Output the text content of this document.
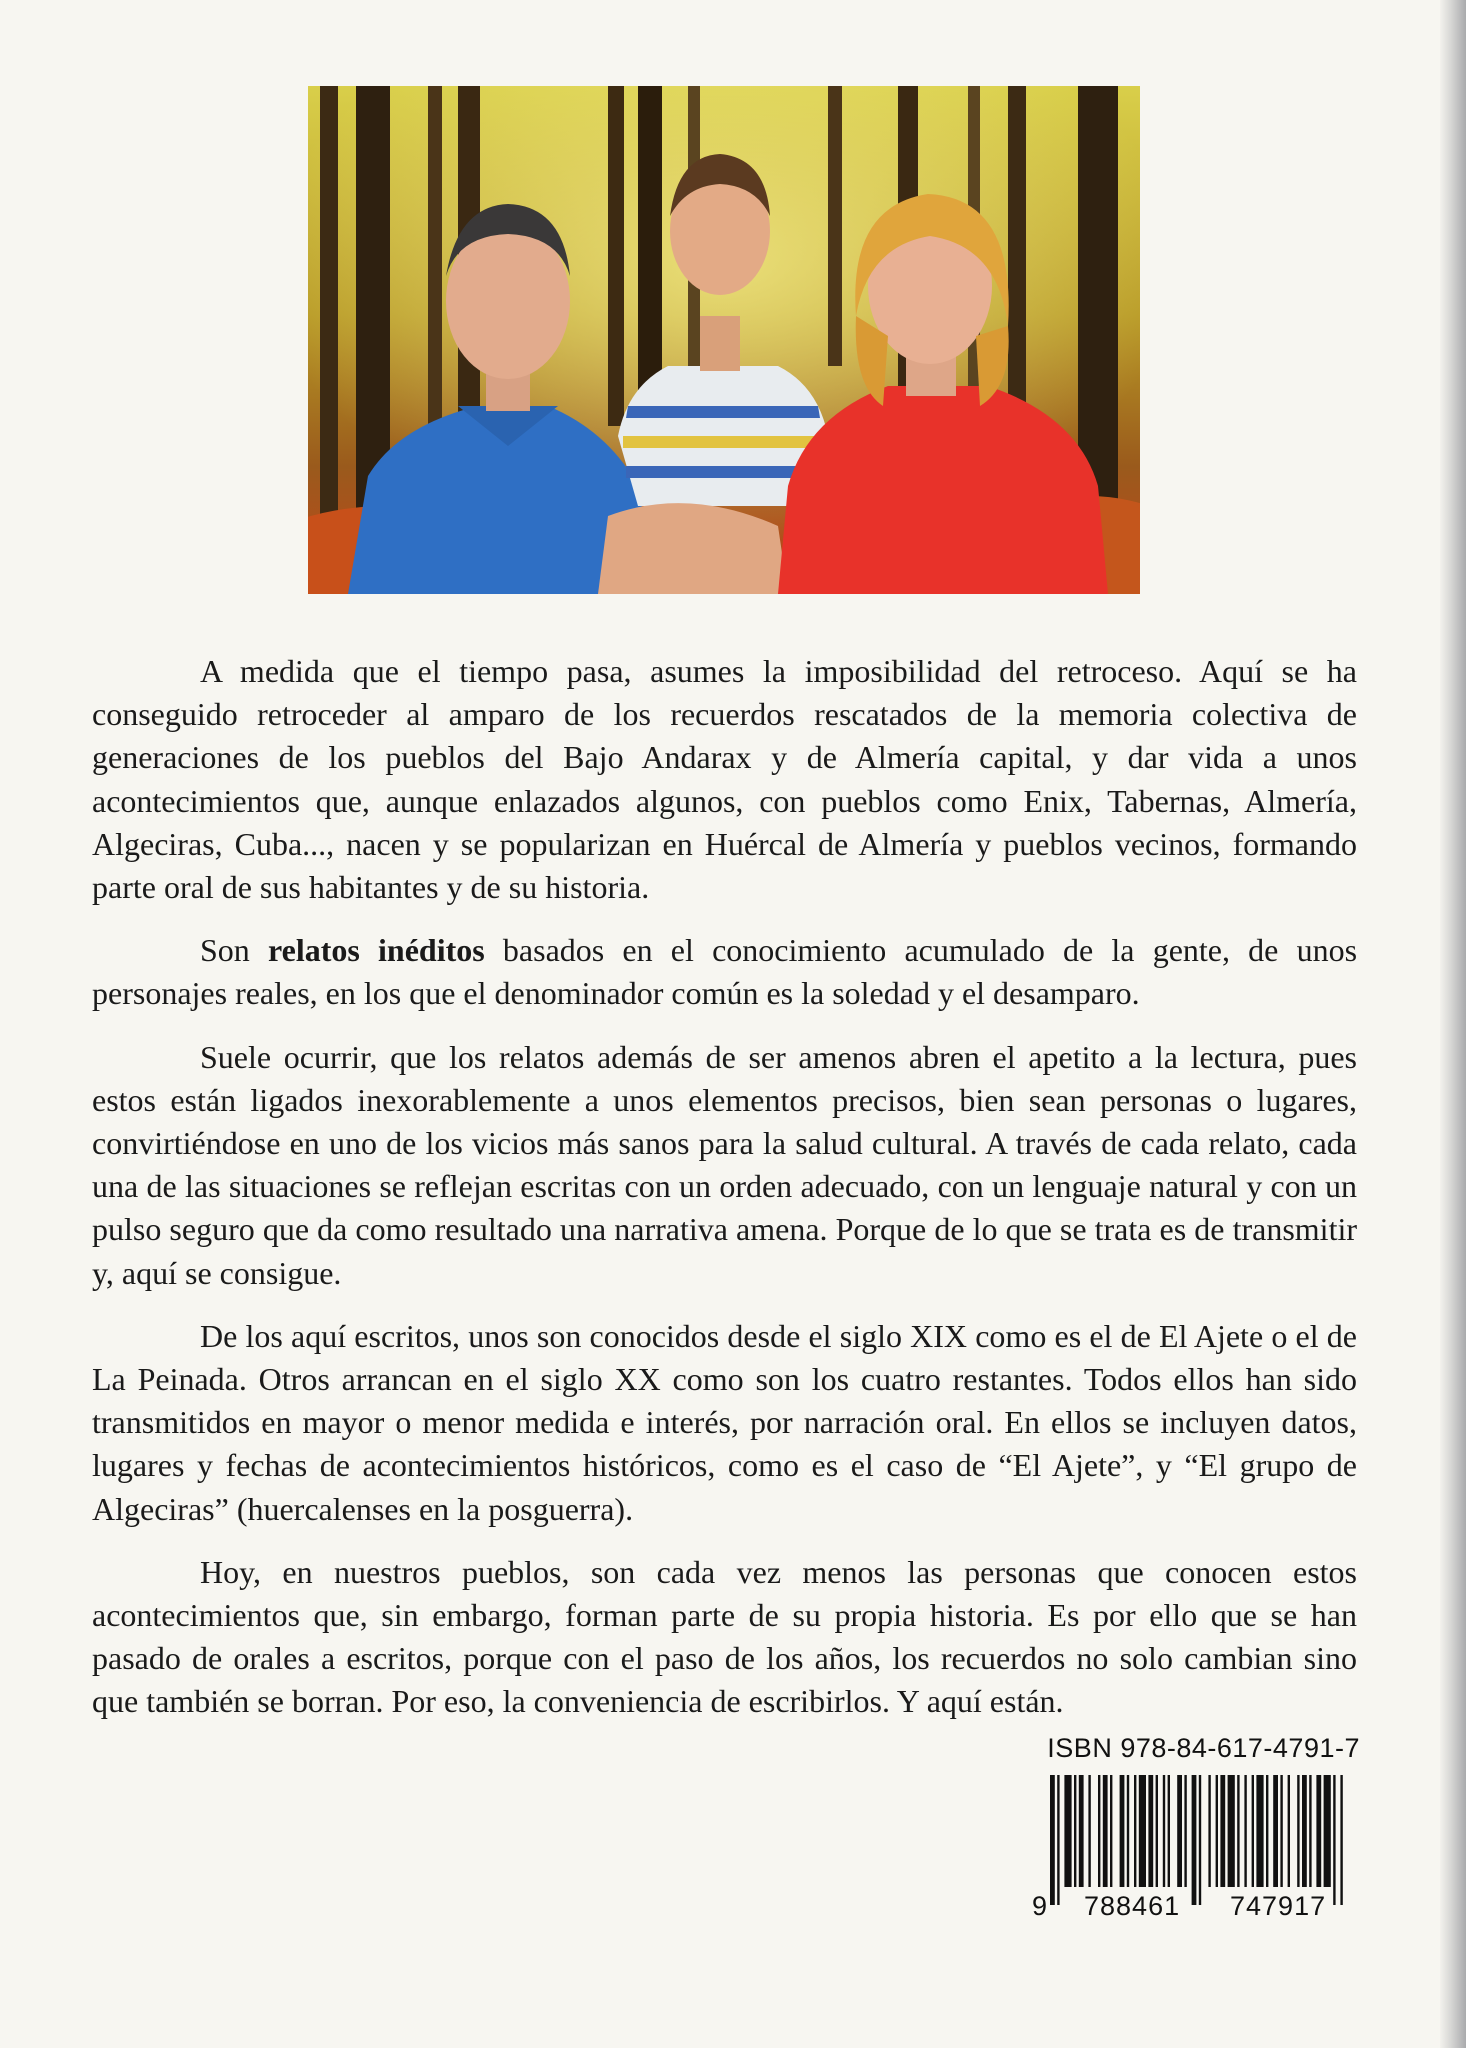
A medida que el tiempo pasa, asumes la imposibilidad del retroceso. Aquí se ha conseguido retroceder al amparo de los recuerdos rescatados de la memoria colectiva de generaciones de los pueblos del Bajo Andarax y de Almería capital, y dar vida a unos acontecimientos que, aunque enlazados algunos, con pueblos como Enix, Tabernas, Almería, Algeciras, Cuba..., nacen y se popularizan en Huércal de Almería y pueblos vecinos, formando parte oral de sus habitantes y de su historia.

Son relatos inéditos basados en el conocimiento acumulado de la gente, de unos personajes reales, en los que el denominador común es la soledad y el desamparo.

Suele ocurrir, que los relatos además de ser amenos abren el apetito a la lectura, pues estos están ligados inexorablemente a unos elementos precisos, bien sean personas o lugares, convirtiéndose en uno de los vicios más sanos para la salud cultural. A través de cada relato, cada una de las situaciones se reflejan escritas con un orden adecuado, con un lenguaje natural y con un pulso seguro que da como resultado una narrativa amena. Porque de lo que se trata es de transmitir y, aquí se consigue.

De los aquí escritos, unos son conocidos desde el siglo XIX como es el de El Ajete o el de La Peinada. Otros arrancan en el siglo XX como son los cuatro restantes. Todos ellos han sido transmitidos en mayor o menor medida e interés, por narración oral. En ellos se incluyen datos, lugares y fechas de acontecimientos históricos, como es el caso de “El Ajete”, y “El grupo de Algeciras” (huercalenses en la posguerra).

Hoy, en nuestros pueblos, son cada vez menos las personas que conocen estos acontecimientos que, sin embargo, forman parte de su propia historia. Es por ello que se han pasado de orales a escritos, porque con el paso de los años, los recuerdos no solo cambian sino que también se borran. Por eso, la conveniencia de escribirlos. Y aquí están.

ISBN 978-84-617-4791-7
9 788461 747917
